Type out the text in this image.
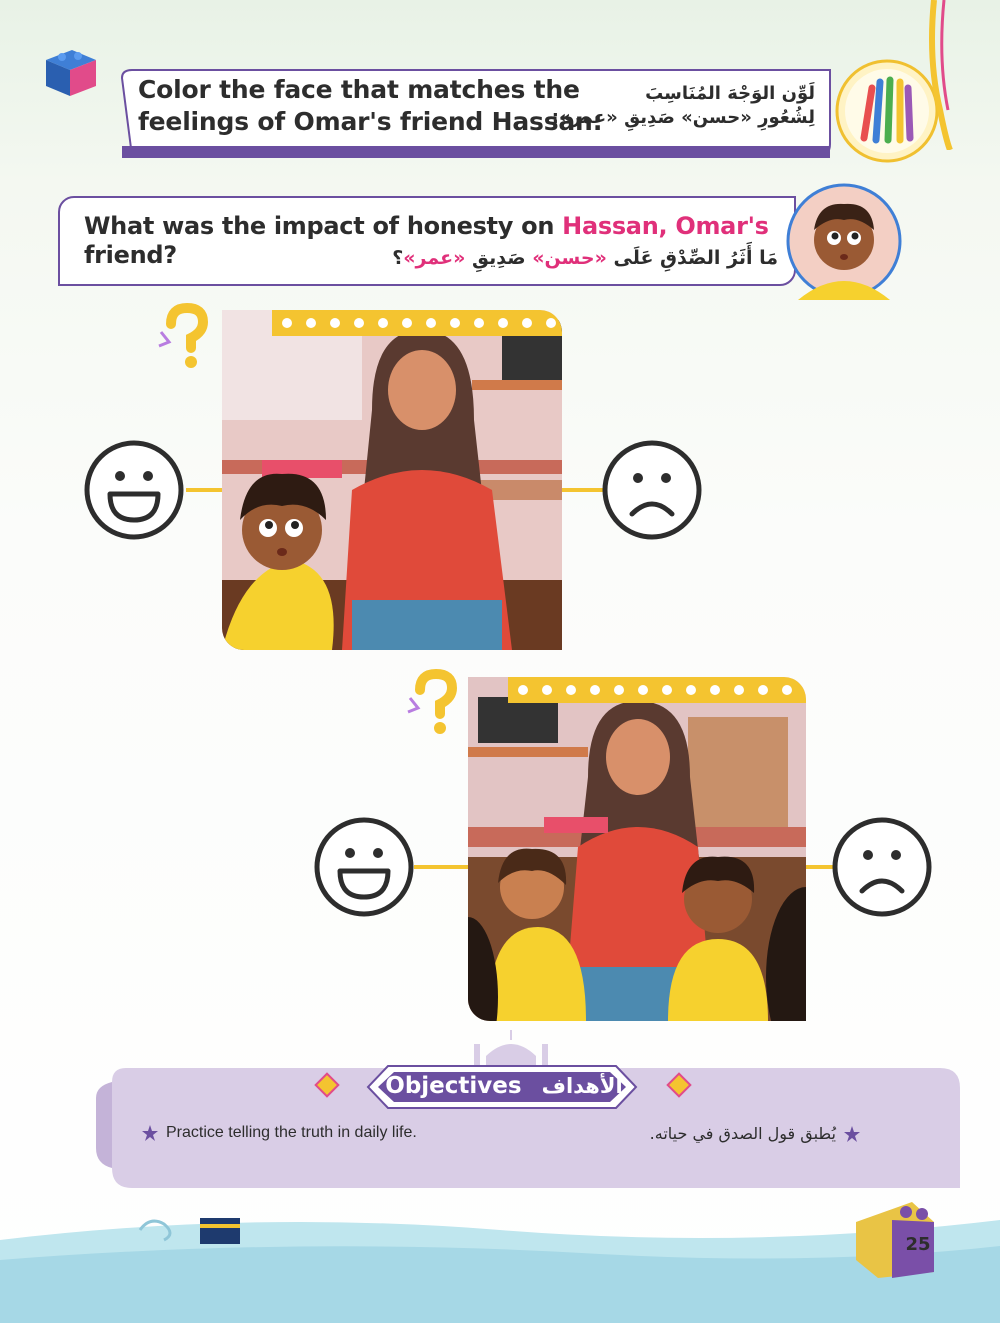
Color the face that matches the feelings of Omar's friend Hassan:
لَوِّن الوَجْهَ المُنَاسِبَ
لِشُعُورِ «حسن» صَدِيقِ «عمر»:
What was the impact of honesty on Hassan, Omar's friend?	مَا أَثَرُ الصِّدْقِ عَلَى «حسن» صَدِيقِ «عمر»؟
Objectives الأهداف
Practice telling the truth in daily life.	يُطبق قول الصدق في حياته.
25
